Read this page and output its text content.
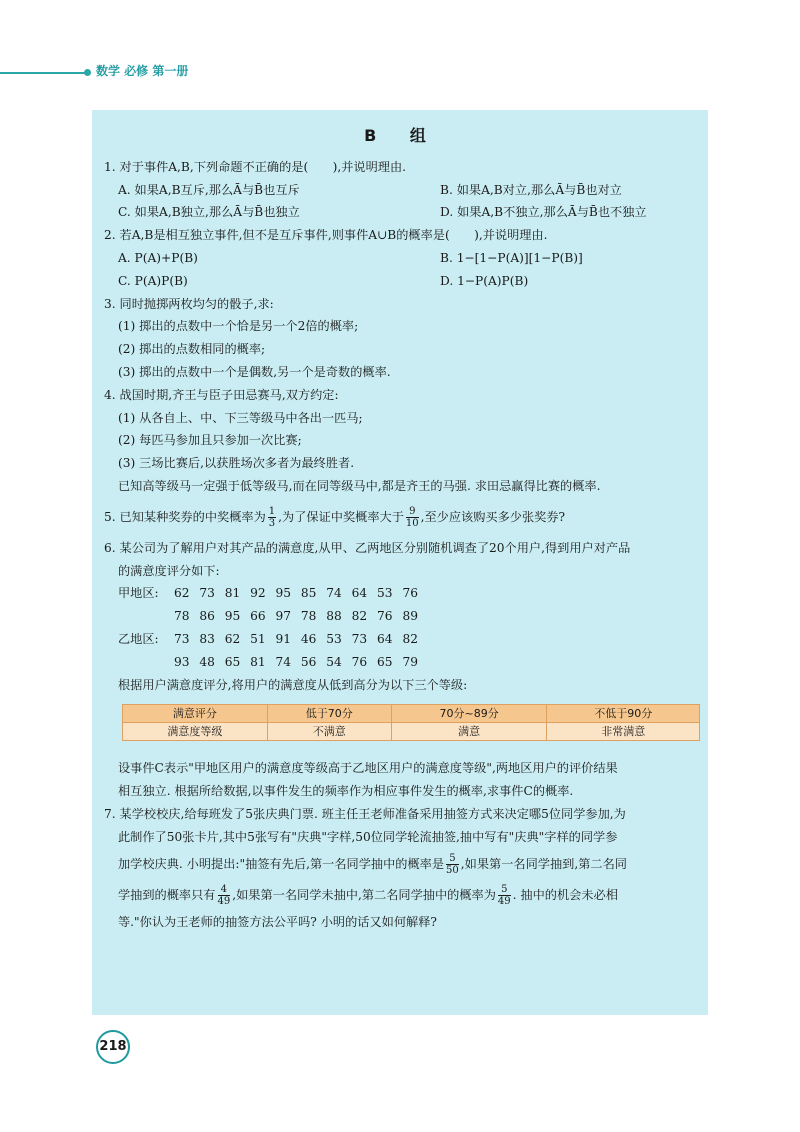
数学 必修 第一册
B 组
1. 对于事件A,B,下列命题不正确的是(　　),并说明理由.
A. 如果A,B互斥,那么Ā与B̄也互斥	B. 如果A,B对立,那么Ā与B̄也对立
C. 如果A,B独立,那么Ā与B̄也独立	D. 如果A,B不独立,那么Ā与B̄也不独立
2. 若A,B是相互独立事件,但不是互斥事件,则事件A∪B的概率是(　　),并说明理由.
A. P(A)+P(B)	B. 1−[1−P(A)][1−P(B)]
C. P(A)P(B)	D. 1−P(A)P(B)
3. 同时抛掷两枚均匀的骰子,求:
(1) 掷出的点数中一个恰是另一个2倍的概率;
(2) 掷出的点数相同的概率;
(3) 掷出的点数中一个是偶数,另一个是奇数的概率.
4. 战国时期,齐王与臣子田忌赛马,双方约定:
(1) 从各自上、中、下三等级马中各出一匹马;
(2) 每匹马参加且只参加一次比赛;
(3) 三场比赛后,以获胜场次多者为最终胜者.
已知高等级马一定强于低等级马,而在同等级马中,都是齐王的马强. 求田忌赢得比赛的概率.
5. 已知某种奖券的中奖概率为 $\frac{1}{3}$ ,为了保证中奖概率大于 $\frac{9}{10}$ ,至少应该购买多少张奖券?
6. 某公司为了解用户对其产品的满意度,从甲、乙两地区分别随机调查了20个用户,得到用户对产品
的满意度评分如下:
甲地区:	62 73 81 92 95 85 74 64 53 76
78 86 95 66 97 78 88 82 76 89
乙地区:	73 83 62 51 91 46 53 73 64 82
93 48 65 81 74 56 54 76 65 79
根据用户满意度评分,将用户的满意度从低到高分为以下三个等级:
满意评分	低于70分	70分~89分	不低于90分
满意度等级	不满意	满意	非常满意
设事件C表示"甲地区用户的满意度等级高于乙地区用户的满意度等级",两地区用户的评价结果
相互独立. 根据所给数据,以事件发生的频率作为相应事件发生的概率,求事件C的概率.
7. 某学校校庆,给每班发了5张庆典门票. 班主任王老师准备采用抽签方式来决定哪5位同学参加,为
此制作了50张卡片,其中5张写有"庆典"字样,50位同学轮流抽签,抽中写有"庆典"字样的同学参
加学校庆典. 小明提出:"抽签有先后,第一名同学抽中的概率是 $\frac{5}{50}$ ,如果第一名同学抽到,第二名同
学抽到的概率只有 $\frac{4}{49}$ ,如果第一名同学未抽中,第二名同学抽中的概率为 $\frac{5}{49}$ . 抽中的机会未必相
等."你认为王老师的抽签方法公平吗? 小明的话又如何解释?
218
